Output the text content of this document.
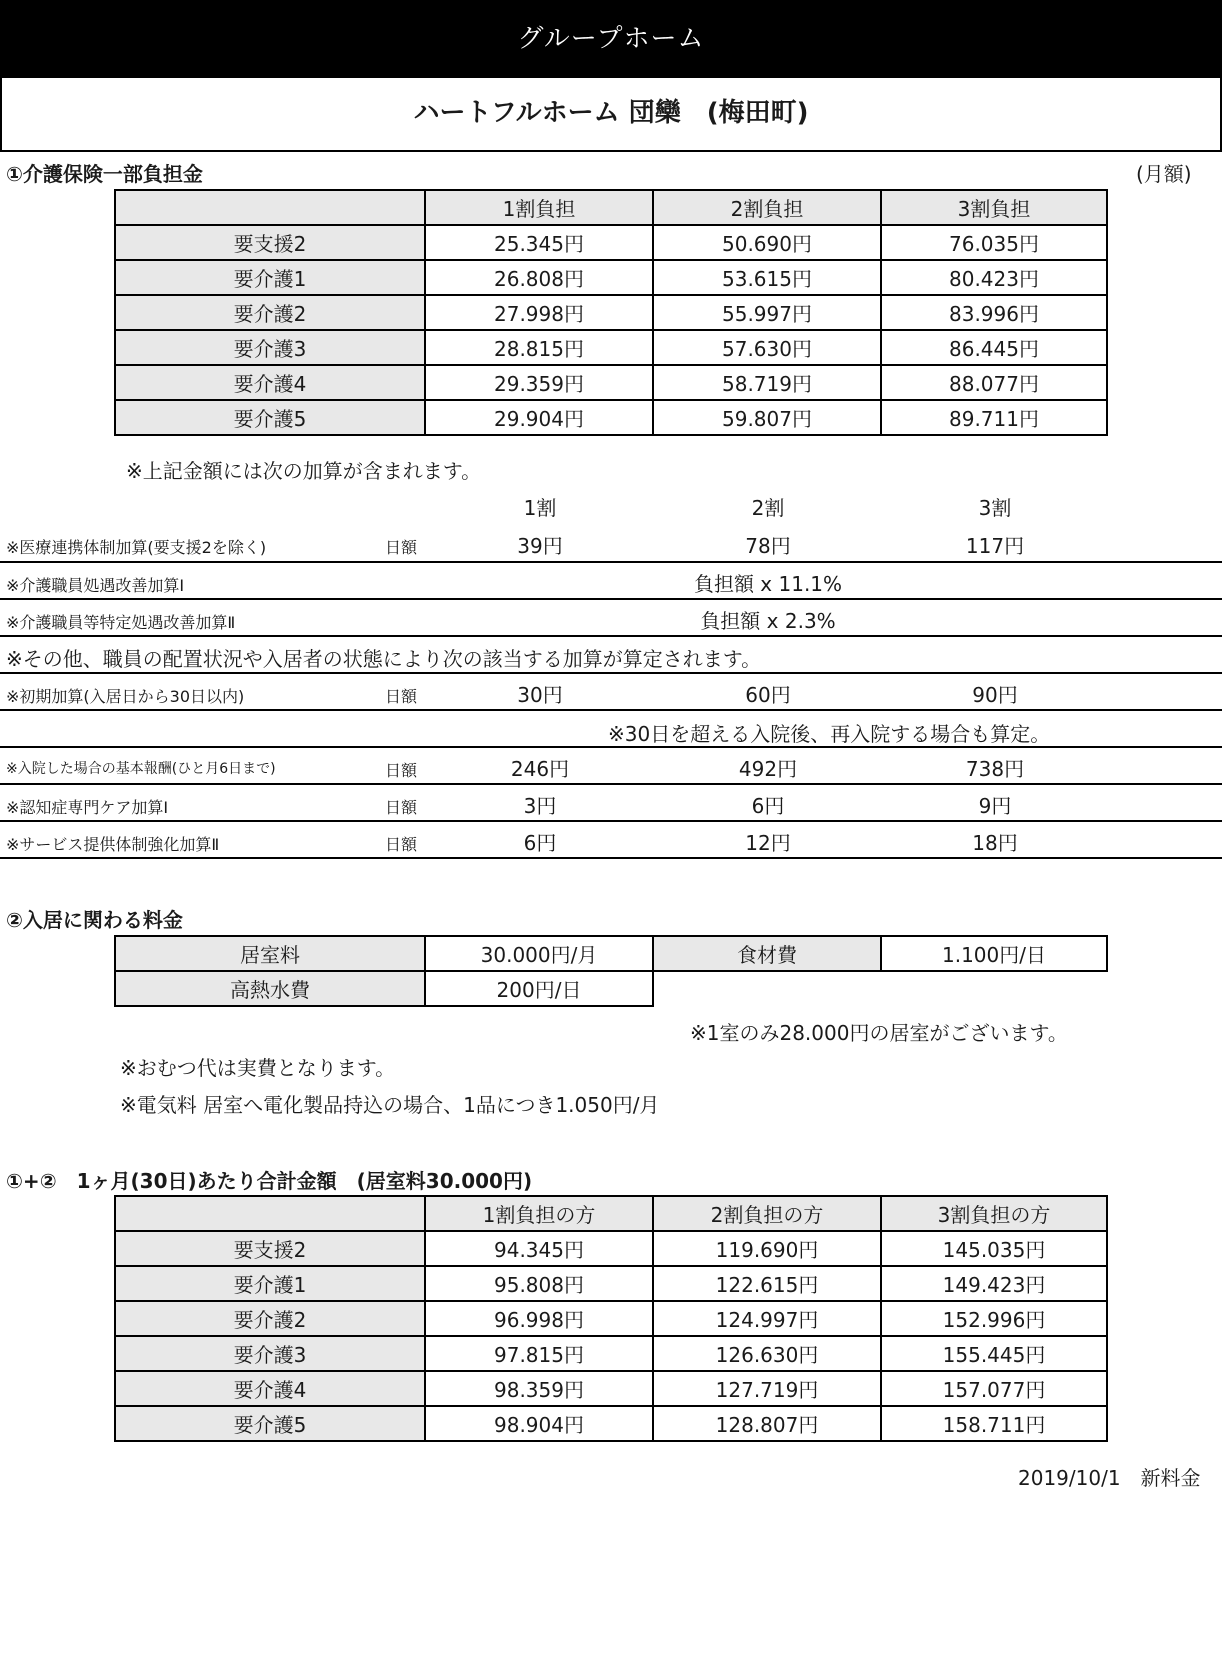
グループホーム
ハートフルホーム 団欒　(梅田町)
①介護保険一部負担金	(月額)
	1割負担	2割負担	3割負担
要支援2	25.345円	50.690円	76.035円
要介護1	26.808円	53.615円	80.423円
要介護2	27.998円	55.997円	83.996円
要介護3	28.815円	57.630円	86.445円
要介護4	29.359円	58.719円	88.077円
要介護5	29.904円	59.807円	89.711円
※上記金額には次の加算が含まれます。
1割	2割	3割
※医療連携体制加算(要支援2を除く)	日額	39円	78円	117円
※介護職員処遇改善加算Ⅰ	負担額 x 11.1%
※介護職員等特定処遇改善加算Ⅱ	負担額 x 2.3%
※その他、職員の配置状況や入居者の状態により次の該当する加算が算定されます。
※初期加算(入居日から30日以内)	日額	30円	60円	90円
※30日を超える入院後、再入院する場合も算定。
※入院した場合の基本報酬(ひと月6日まで)	日額	246円	492円	738円
※認知症専門ケア加算Ⅰ	日額	3円	6円	9円
※サービス提供体制強化加算Ⅱ	日額	6円	12円	18円
②入居に関わる料金
居室料	30.000円/月	食材費	1.100円/日
高熱水費	200円/日		
※1室のみ28.000円の居室がございます。
※おむつ代は実費となります。
※電気料 居室へ電化製品持込の場合、1品につき1.050円/月
①+②　1ヶ月(30日)あたり合計金額　(居室料30.000円)
	1割負担の方	2割負担の方	3割負担の方
要支援2	94.345円	119.690円	145.035円
要介護1	95.808円	122.615円	149.423円
要介護2	96.998円	124.997円	152.996円
要介護3	97.815円	126.630円	155.445円
要介護4	98.359円	127.719円	157.077円
要介護5	98.904円	128.807円	158.711円
2019/10/1　新料金
